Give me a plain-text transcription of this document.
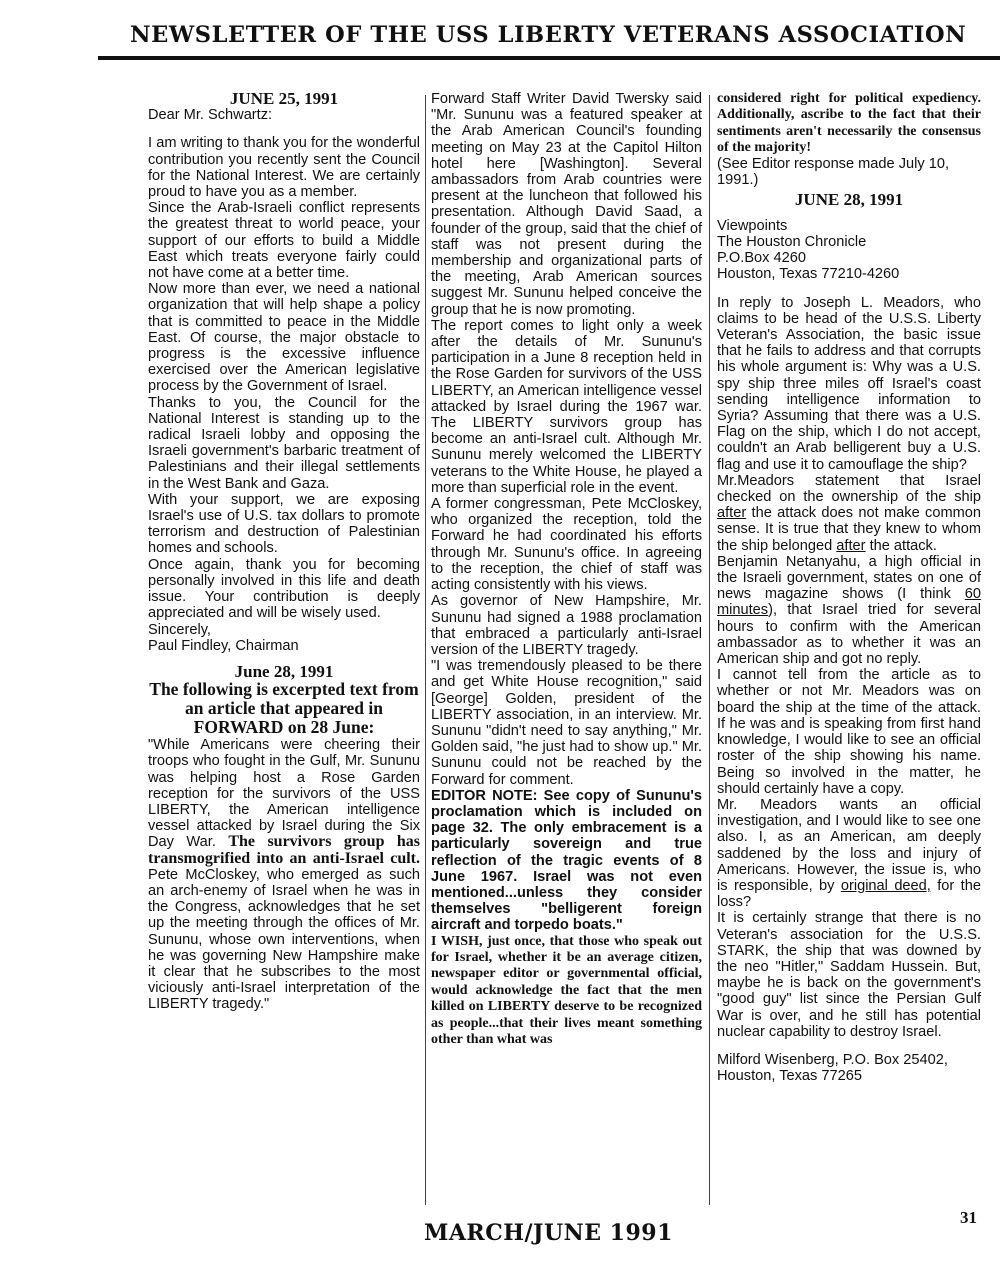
NEWSLETTER OF THE USS LIBERTY VETERANS ASSOCIATION

JUNE 25, 1991

Dear Mr. Schwartz:

I am writing to thank you for the wonderful contribution you recently sent the Council for the National Interest. We are certainly proud to have you as a member.

Since the Arab-Israeli conflict represents the greatest threat to world peace, your support of our efforts to build a Middle East which treats everyone fairly could not have come at a better time.

Now more than ever, we need a national organization that will help shape a policy that is committed to peace in the Middle East. Of course, the major obstacle to progress is the excessive influence exercised over the American legislative process by the Government of Israel.

Thanks to you, the Council for the National Interest is standing up to the radical Israeli lobby and opposing the Israeli government's barbaric treatment of Palestinians and their illegal settlements in the West Bank and Gaza.

With your support, we are exposing Israel's use of U.S. tax dollars to promote terrorism and destruction of Palestinian homes and schools.

Once again, thank you for becoming personally involved in this life and death issue. Your contribution is deeply appreciated and will be wisely used.

Sincerely,

Paul Findley, Chairman

June 28, 1991

The following is excerpted text from an article that appeared in FORWARD on 28 June:

"While Americans were cheering their troops who fought in the Gulf, Mr. Sununu was helping host a Rose Garden reception for the survivors of the USS LIBERTY, the American intelligence vessel attacked by Israel during the Six Day War. The survivors group has transmogrified into an anti-Israel cult. Pete McCloskey, who emerged as such an arch-enemy of Israel when he was in the Congress, acknowledges that he set up the meeting through the offices of Mr. Sununu, whose own interventions, when he was governing New Hampshire make it clear that he subscribes to the most viciously anti-Israel interpretation of the LIBERTY tragedy."

Forward Staff Writer David Twersky said "Mr. Sununu was a featured speaker at the Arab American Council's founding meeting on May 23 at the Capitol Hilton hotel here [Washington]. Several ambassadors from Arab countries were present at the luncheon that followed his presentation. Although David Saad, a founder of the group, said that the chief of staff was not present during the membership and organizational parts of the meeting, Arab American sources suggest Mr. Sununu helped conceive the group that he is now promoting.

The report comes to light only a week after the details of Mr. Sununu's participation in a June 8 reception held in the Rose Garden for survivors of the USS LIBERTY, an American intelligence vessel attacked by Israel during the 1967 war. The LIBERTY survivors group has become an anti-Israel cult. Although Mr. Sununu merely welcomed the LIBERTY veterans to the White House, he played a more than superficial role in the event.

A former congressman, Pete McCloskey, who organized the reception, told the Forward he had coordinated his efforts through Mr. Sununu's office. In agreeing to the reception, the chief of staff was acting consistently with his views.

As governor of New Hampshire, Mr. Sununu had signed a 1988 proclamation that embraced a particularly anti-Israel version of the LIBERTY tragedy.

"I was tremendously pleased to be there and get White House recognition," said [George] Golden, president of the LIBERTY association, in an interview. Mr. Sununu "didn't need to say anything," Mr. Golden said, "he just had to show up." Mr. Sununu could not be reached by the Forward for comment.

EDITOR NOTE: See copy of Sununu's proclamation which is included on page 32. The only embracement is a particularly sovereign and true reflection of the tragic events of 8 June 1967. Israel was not even mentioned...unless they consider themselves "belligerent foreign aircraft and torpedo boats."

I WISH, just once, that those who speak out for Israel, whether it be an average citizen, newspaper editor or governmental official, would acknowledge the fact that the men killed on LIBERTY deserve to be recognized as people...that their lives meant something other than what was

considered right for political expediency. Additionally, ascribe to the fact that their sentiments aren't necessarily the consensus of the majority!

(See Editor response made July 10, 1991.)

JUNE 28, 1991

Viewpoints

The Houston Chronicle

P.O.Box 4260

Houston, Texas 77210-4260

In reply to Joseph L. Meadors, who claims to be head of the U.S.S. Liberty Veteran's Association, the basic issue that he fails to address and that corrupts his whole argument is: Why was a U.S. spy ship three miles off Israel's coast sending intelligence information to Syria? Assuming that there was a U.S. Flag on the ship, which I do not accept, couldn't an Arab belligerent buy a U.S. flag and use it to camouflage the ship?

Mr.Meadors statement that Israel checked on the ownership of the ship after the attack does not make common sense. It is true that they knew to whom the ship belonged after the attack.

Benjamin Netanyahu, a high official in the Israeli government, states on one of news magazine shows (I think 60 minutes), that Israel tried for several hours to confirm with the American ambassador as to whether it was an American ship and got no reply.

I cannot tell from the article as to whether or not Mr. Meadors was on board the ship at the time of the attack. If he was and is speaking from first hand knowledge, I would like to see an official roster of the ship showing his name. Being so involved in the matter, he should certainly have a copy.

Mr. Meadors wants an official investigation, and I would like to see one also. I, as an American, am deeply saddened by the loss and injury of Americans. However, the issue is, who is responsible, by original deed, for the loss?

It is certainly strange that there is no Veteran's association for the U.S.S. STARK, the ship that was downed by the neo "Hitler," Saddam Hussein. But, maybe he is back on the government's "good guy" list since the Persian Gulf War is over, and he still has potential nuclear capability to destroy Israel.

Milford Wisenberg, P.O. Box 25402, Houston, Texas 77265

31
MARCH/JUNE 1991
